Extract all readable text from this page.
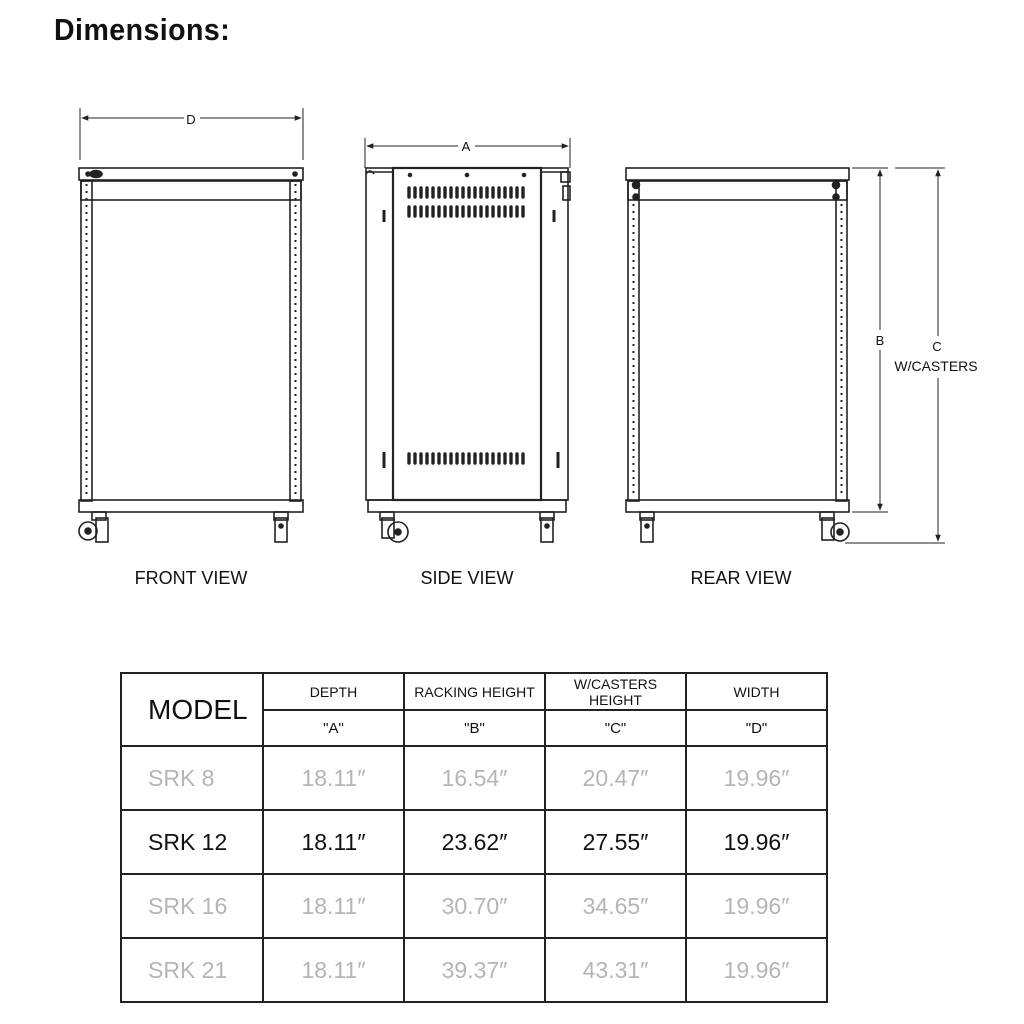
Dimensions:
D
A
B	C
W/CASTERS
FRONT VIEW	SIDE VIEW	REAR VIEW
MODEL	DEPTH	RACKING HEIGHT	W/CASTERS HEIGHT	WIDTH
	"A"	"B"	"C"	"D"
SRK 8	18.11″	16.54″	20.47″	19.96″
SRK 12	18.11″	23.62″	27.55″	19.96″
SRK 16	18.11″	30.70″	34.65″	19.96″
SRK 21	18.11″	39.37″	43.31″	19.96″
